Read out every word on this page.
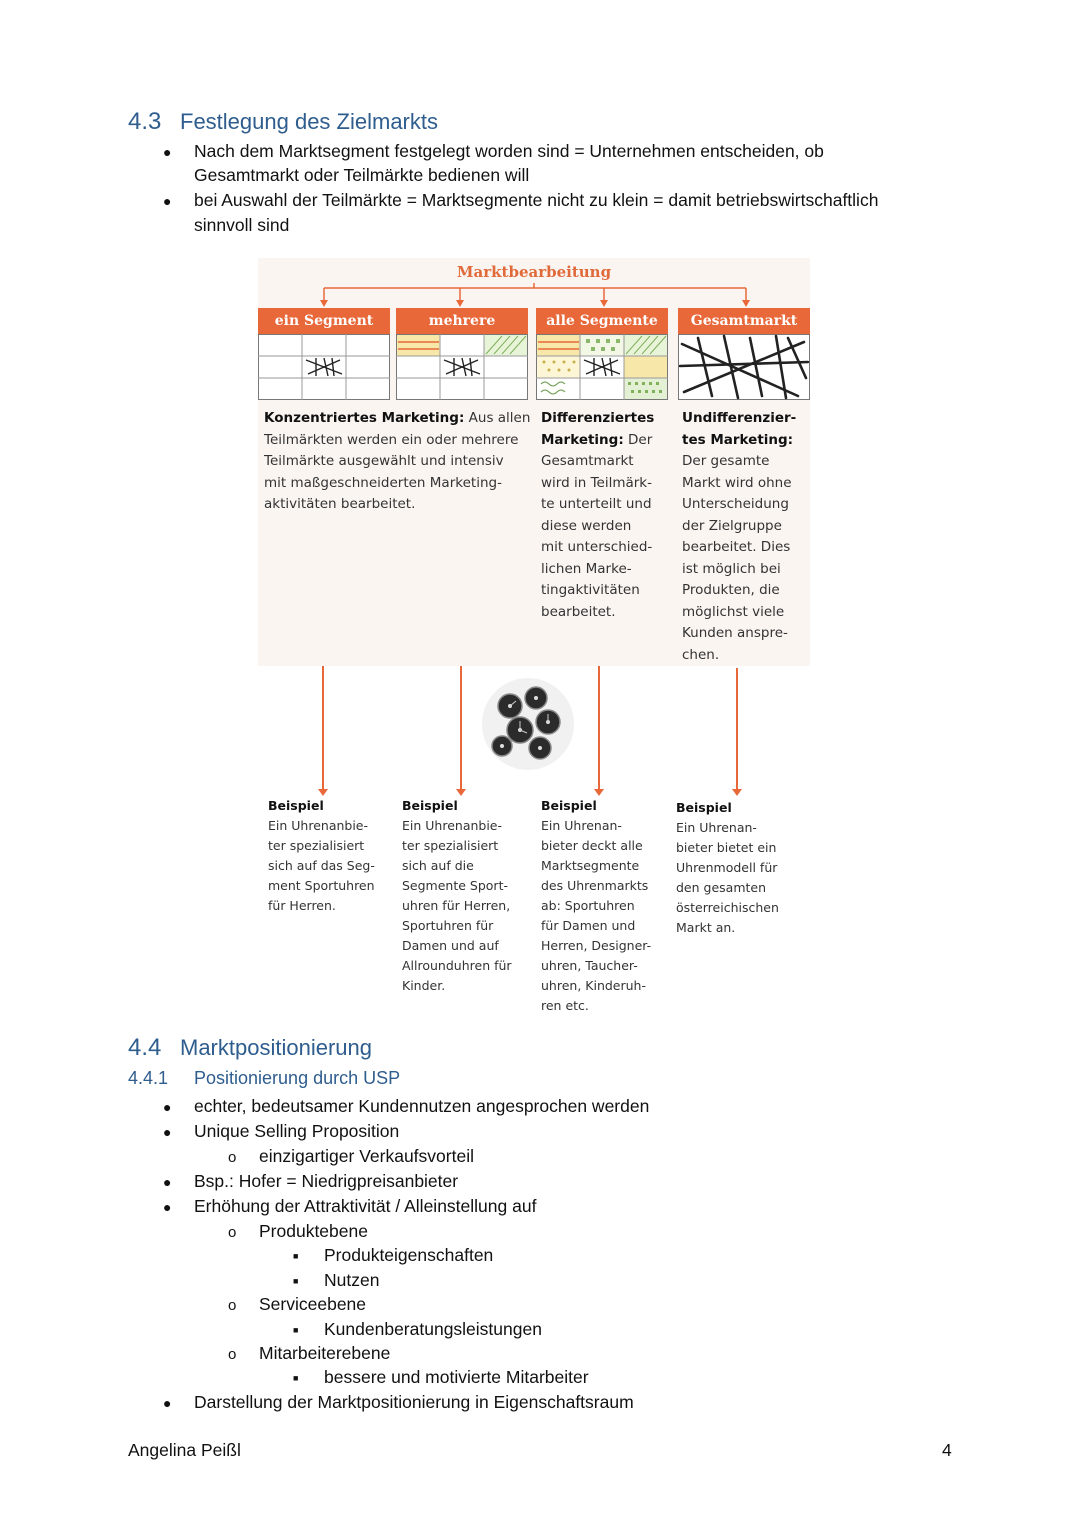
4.3 Festlegung des Zielmarkts
● Nach dem Marktsegment festgelegt worden sind = Unternehmen entscheiden, ob
Gesamtmarkt oder Teilmärkte bedienen will
● bei Auswahl der Teilmärkte = Marktsegmente nicht zu klein = damit betriebswirtschaftlich
sinnvoll sind
Marktbearbeitung
ein Segment	mehrere	alle Segmente	Gesamtmarkt
Konzentriertes Marketing: Aus allen
Teilmärkten werden ein oder mehrere
Teilmärkte ausgewählt und intensiv
mit maßgeschneiderten Marketing-
aktivitäten bearbeitet.
Differenziertes
Marketing: Der
Gesamtmarkt
wird in Teilmärk-
te unterteilt und
diese werden
mit unterschied-
lichen Marke-
tingaktivitäten
bearbeitet.
Undifferenzier-
tes Marketing:
Der gesamte
Markt wird ohne
Unterscheidung
der Zielgruppe
bearbeitet. Dies
ist möglich bei
Produkten, die
möglichst viele
Kunden anspre-
chen.
Beispiel
Ein Uhrenanbie-
ter spezialisiert
sich auf das Seg-
ment Sportuhren
für Herren.
Beispiel
Ein Uhrenanbie-
ter spezialisiert
sich auf die
Segmente Sport-
uhren für Herren,
Sportuhren für
Damen und auf
Allrounduhren für
Kinder.
Beispiel
Ein Uhrenan-
bieter deckt alle
Marktsegmente
des Uhrenmarkts
ab: Sportuhren
für Damen und
Herren, Designer-
uhren, Taucher-
uhren, Kinderuh-
ren etc.
Beispiel
Ein Uhrenan-
bieter bietet ein
Uhrenmodell für
den gesamten
österreichischen
Markt an.
4.4 Marktpositionierung
4.4.1 Positionierung durch USP
● echter, bedeutsamer Kundennutzen angesprochen werden
● Unique Selling Proposition
o einzigartiger Verkaufsvorteil
● Bsp.: Hofer = Niedrigpreisanbieter
● Erhöhung der Attraktivität / Alleinstellung auf
o Produktebene
■ Produkteigenschaften
■ Nutzen
o Serviceebene
■ Kundenberatungsleistungen
o Mitarbeiterebene
■ bessere und motivierte Mitarbeiter
● Darstellung der Marktpositionierung in Eigenschaftsraum
Angelina Peißl	4
